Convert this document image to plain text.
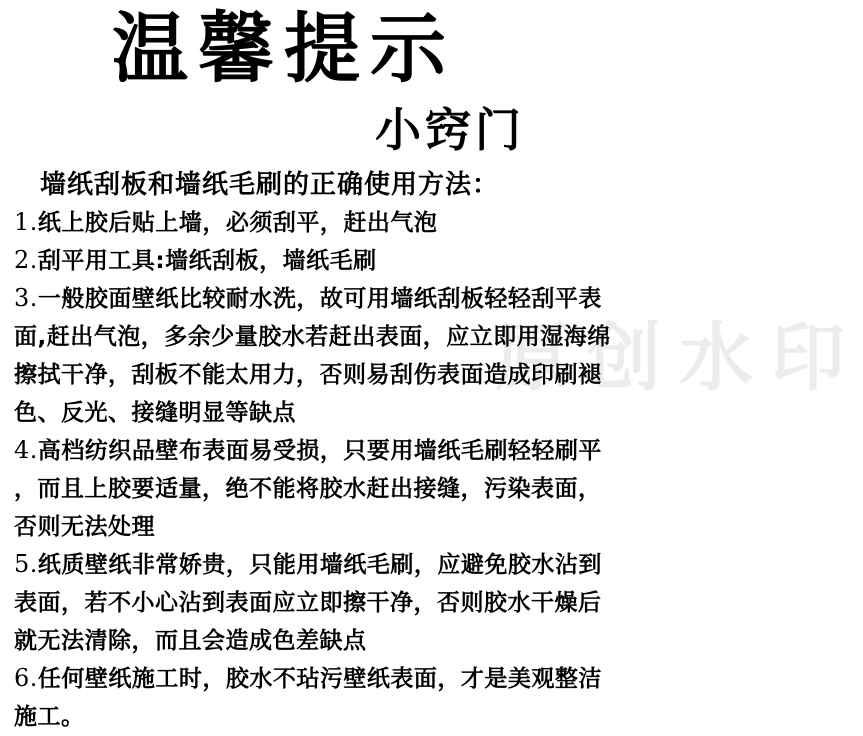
温馨提示
小窍门
原创水印
墙纸刮板和墙纸毛刷的正确使用方法：
1.纸上胶后贴上墙，必须刮平，赶出气泡
2.刮平用工具:墙纸刮板，墙纸毛刷
3.一般胶面壁纸比较耐水洗，故可用墙纸刮板轻轻刮平表
面,赶出气泡，多余少量胶水若赶出表面，应立即用湿海绵
擦拭干净，刮板不能太用力，否则易刮伤表面造成印刷褪
色、反光、接缝明显等缺点
4.高档纺织品壁布表面易受损，只要用墙纸毛刷轻轻刷平
，而且上胶要适量，绝不能将胶水赶出接缝，污染表面，
否则无法处理
5.纸质壁纸非常娇贵，只能用墙纸毛刷，应避免胶水沾到
表面，若不小心沾到表面应立即擦干净，否则胶水干燥后
就无法清除，而且会造成色差缺点
6.任何壁纸施工时，胶水不玷污壁纸表面，才是美观整洁
施工。
